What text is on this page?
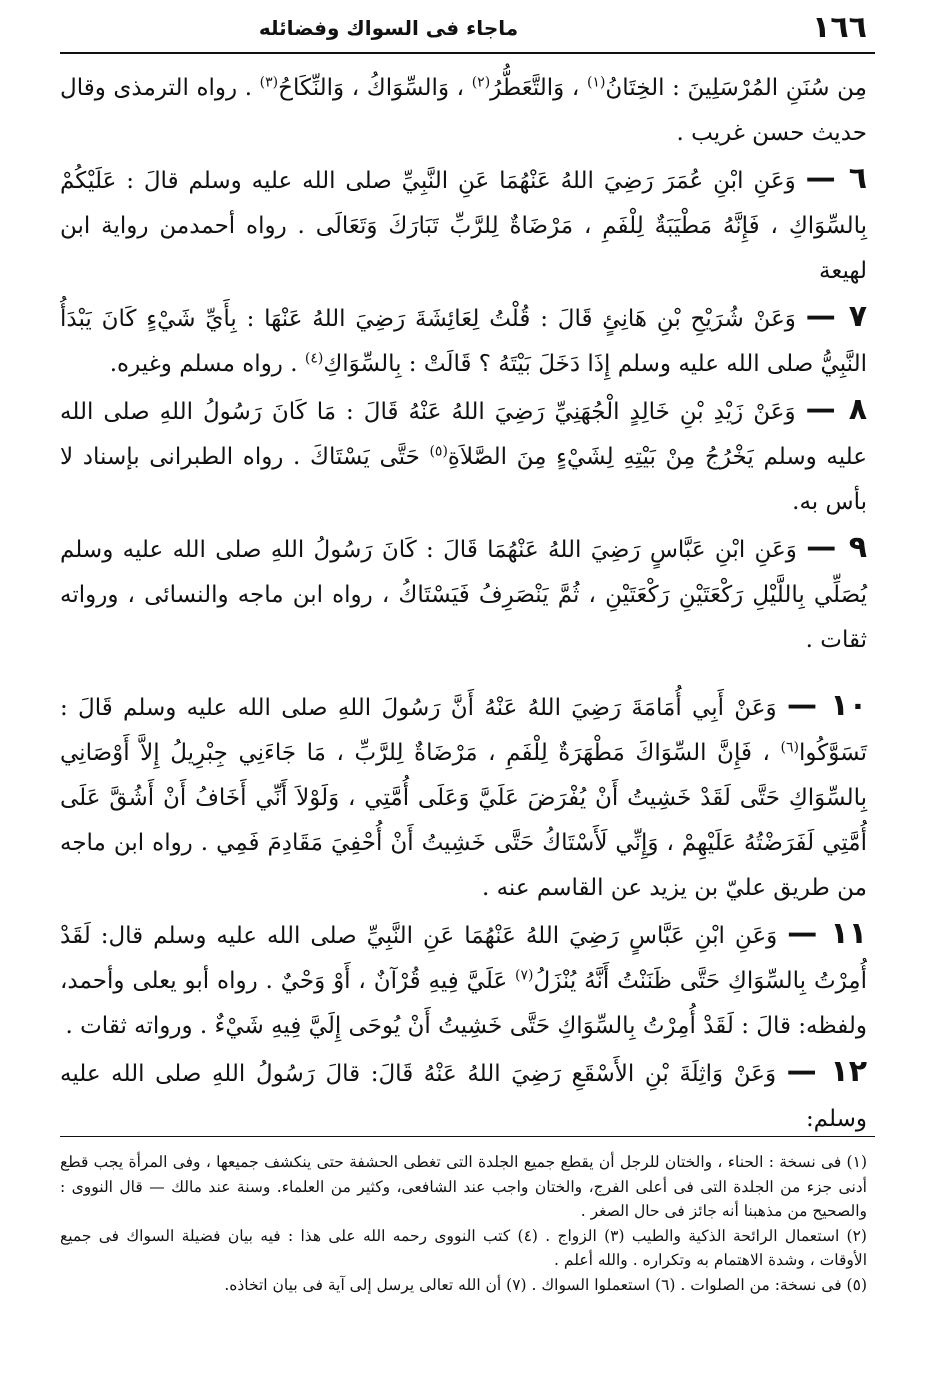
١٦٦
ماجاء فى السواك وفضائله

مِن سُنَنِ المُرْسَلِينَ : الخِتَانُ$^{(١)}$ ، وَالتَّعَطُّرُ$^{(٢)}$ ، وَالسِّوَاكُ ، وَالنِّكَاحُ$^{(٣)}$ . رواه الترمذى وقال حديث حسن غريب .

٦ — وَعَنِ ابْنِ عُمَرَ رَضِيَ اللهُ عَنْهُمَا عَنِ النَّبِيِّ صلى الله عليه وسلم قالَ : عَلَيْكُمْ بِالسِّوَاكِ ، فَإِنَّهُ مَطْيَبَةٌ لِلْفَمِ ، مَرْضَاةٌ لِلرَّبِّ تَبَارَكَ وَتَعَالَى . رواه أحمدمن رواية ابن لهيعة

٧ — وَعَنْ شُرَيْحِ بْنِ هَانِئٍ قَالَ : قُلْتُ لِعَائِشَةَ رَضِيَ اللهُ عَنْهَا : بِأَيِّ شَيْءٍ كَانَ يَبْدَأُ النَّبِيُّ صلى الله عليه وسلم إِذَا دَخَلَ بَيْتَهُ ؟ قَالَتْ : بِالسِّوَاكِ$^{(٤)}$ . رواه مسلم وغيره.

٨ — وَعَنْ زَيْدِ بْنِ خَالِدٍ الْجُهَنِيِّ رَضِيَ اللهُ عَنْهُ قَالَ : مَا كَانَ رَسُولُ اللهِ صلى الله عليه وسلم يَخْرُجُ مِنْ بَيْتِهِ لِشَيْءٍ مِنَ الصَّلاَةِ$^{(٥)}$ حَتَّى يَسْتَاكَ . رواه الطبرانى بإسناد لا بأس به.

٩ — وَعَنِ ابْنِ عَبَّاسٍ رَضِيَ اللهُ عَنْهُمَا قَالَ : كَانَ رَسُولُ اللهِ صلى الله عليه وسلم يُصَلِّي بِاللَّيْلِ رَكْعَتَيْنِ رَكْعَتَيْنِ ، ثُمَّ يَنْصَرِفُ فَيَسْتَاكُ ، رواه ابن ماجه والنسائى ، ورواته ثقات .

١٠ — وَعَنْ أَبِي أُمَامَةَ رَضِيَ اللهُ عَنْهُ أَنَّ رَسُولَ اللهِ صلى الله عليه وسلم قَالَ : تَسَوَّكُوا$^{(٦)}$ ، فَإِنَّ السِّوَاكَ مَطْهَرَةٌ لِلْفَمِ ، مَرْضَاةٌ لِلرَّبِّ ، مَا جَاءَنِي جِبْرِيلُ إِلاَّ أَوْصَانِي بِالسِّوَاكِ حَتَّى لَقَدْ خَشِيتُ أَنْ يُفْرَضَ عَلَيَّ وَعَلَى أُمَّتِي ، وَلَوْلاَ أَنِّي أَخَافُ أَنْ أَشُقَّ عَلَى أُمَّتِي لَفَرَضْتُهُ عَلَيْهِمْ ، وَإِنِّي لَأَسْتَاكُ حَتَّى خَشِيتُ أَنْ أُحْفِيَ مَقَادِمَ فَمِي . رواه ابن ماجه من طريق عليّ بن يزيد عن القاسم عنه .

١١ — وَعَنِ ابْنِ عَبَّاسٍ رَضِيَ اللهُ عَنْهُمَا عَنِ النَّبِيِّ صلى الله عليه وسلم قال: لَقَدْ أُمِرْتُ بِالسِّوَاكِ حَتَّى ظَنَنْتُ أَنَّهُ يُنْزَلُ$^{(٧)}$ عَلَيَّ فِيهِ قُرْآنٌ ، أَوْ وَحْيٌ . رواه أبو يعلى وأحمد، ولفظه: قالَ : لَقَدْ أُمِرْتُ بِالسِّوَاكِ حَتَّى خَشِيتُ أَنْ يُوحَى إِلَيَّ فِيهِ شَيْءٌ . ورواته ثقات .

١٢ — وَعَنْ وَاثِلَةَ بْنِ الأَسْقَعِ رَضِيَ اللهُ عَنْهُ قَالَ: قالَ رَسُولُ اللهِ صلى الله عليه وسلم:

(١) فى نسخة : الحناء ، والختان للرجل أن يقطع جميع الجلدة التى تغطى الحشفة حتى ينكشف جميعها ، وفى المرأة يجب قطع أدنى جزء من الجلدة التى فى أعلى الفرج، والختان واجب عند الشافعى، وكثير من العلماء. وسنة عند مالك — قال النووى : والصحيح من مذهبنا أنه جائز فى حال الصغر .

(٢) استعمال الرائحة الذكية والطيب (٣) الزواج . (٤) كتب النووى رحمه الله على هذا : فيه بيان فضيلة السواك فى جميع الأوقات ، وشدة الاهتمام به وتكراره . والله أعلم .

(٥) فى نسخة: من الصلوات . (٦) استعملوا السواك . (٧) أن الله تعالى يرسل إلى آية فى بيان اتخاذه.
